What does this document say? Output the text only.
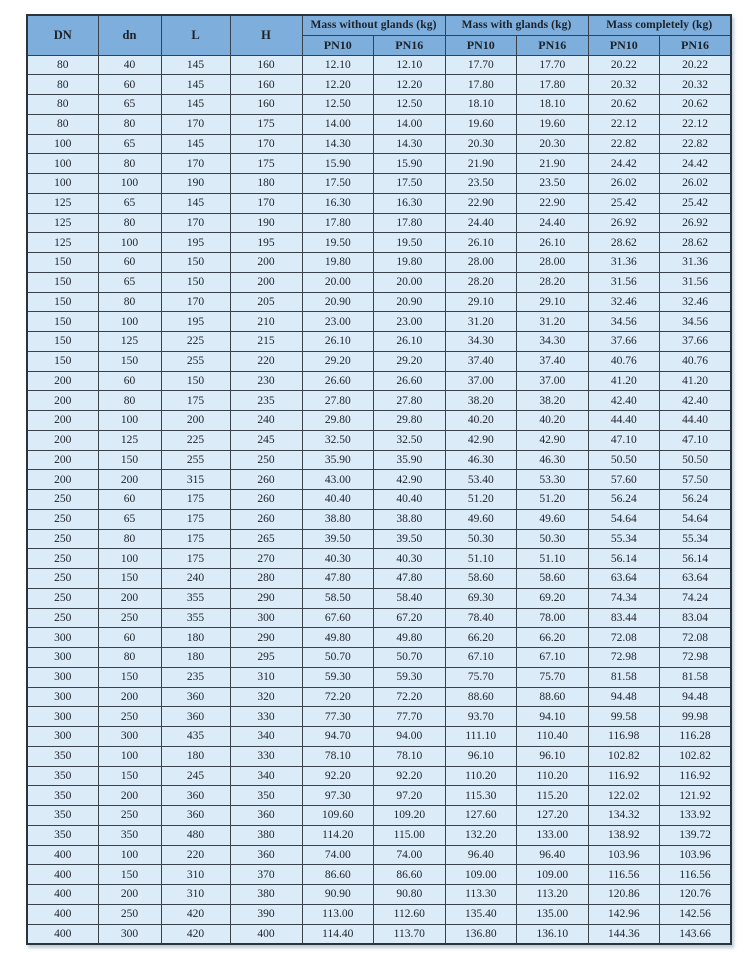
DN	dn	L	H	Mass without glands (kg)		Mass with glands (kg)		Mass completely (kg)	
				PN10	PN16	PN10	PN16	PN10	PN16
80	40	145	160	12.10	12.10	17.70	17.70	20.22	20.22
80	60	145	160	12.20	12.20	17.80	17.80	20.32	20.32
80	65	145	160	12.50	12.50	18.10	18.10	20.62	20.62
80	80	170	175	14.00	14.00	19.60	19.60	22.12	22.12
100	65	145	170	14.30	14.30	20.30	20.30	22.82	22.82
100	80	170	175	15.90	15.90	21.90	21.90	24.42	24.42
100	100	190	180	17.50	17.50	23.50	23.50	26.02	26.02
125	65	145	170	16.30	16.30	22.90	22.90	25.42	25.42
125	80	170	190	17.80	17.80	24.40	24.40	26.92	26.92
125	100	195	195	19.50	19.50	26.10	26.10	28.62	28.62
150	60	150	200	19.80	19.80	28.00	28.00	31.36	31.36
150	65	150	200	20.00	20.00	28.20	28.20	31.56	31.56
150	80	170	205	20.90	20.90	29.10	29.10	32.46	32.46
150	100	195	210	23.00	23.00	31.20	31.20	34.56	34.56
150	125	225	215	26.10	26.10	34.30	34.30	37.66	37.66
150	150	255	220	29.20	29.20	37.40	37.40	40.76	40.76
200	60	150	230	26.60	26.60	37.00	37.00	41.20	41.20
200	80	175	235	27.80	27.80	38.20	38.20	42.40	42.40
200	100	200	240	29.80	29.80	40.20	40.20	44.40	44.40
200	125	225	245	32.50	32.50	42.90	42.90	47.10	47.10
200	150	255	250	35.90	35.90	46.30	46.30	50.50	50.50
200	200	315	260	43.00	42.90	53.40	53.30	57.60	57.50
250	60	175	260	40.40	40.40	51.20	51.20	56.24	56.24
250	65	175	260	38.80	38.80	49.60	49.60	54.64	54.64
250	80	175	265	39.50	39.50	50.30	50.30	55.34	55.34
250	100	175	270	40.30	40.30	51.10	51.10	56.14	56.14
250	150	240	280	47.80	47.80	58.60	58.60	63.64	63.64
250	200	355	290	58.50	58.40	69.30	69.20	74.34	74.24
250	250	355	300	67.60	67.20	78.40	78.00	83.44	83.04
300	60	180	290	49.80	49.80	66.20	66.20	72.08	72.08
300	80	180	295	50.70	50.70	67.10	67.10	72.98	72.98
300	150	235	310	59.30	59.30	75.70	75.70	81.58	81.58
300	200	360	320	72.20	72.20	88.60	88.60	94.48	94.48
300	250	360	330	77.30	77.70	93.70	94.10	99.58	99.98
300	300	435	340	94.70	94.00	111.10	110.40	116.98	116.28
350	100	180	330	78.10	78.10	96.10	96.10	102.82	102.82
350	150	245	340	92.20	92.20	110.20	110.20	116.92	116.92
350	200	360	350	97.30	97.20	115.30	115.20	122.02	121.92
350	250	360	360	109.60	109.20	127.60	127.20	134.32	133.92
350	350	480	380	114.20	115.00	132.20	133.00	138.92	139.72
400	100	220	360	74.00	74.00	96.40	96.40	103.96	103.96
400	150	310	370	86.60	86.60	109.00	109.00	116.56	116.56
400	200	310	380	90.90	90.80	113.30	113.20	120.86	120.76
400	250	420	390	113.00	112.60	135.40	135.00	142.96	142.56
400	300	420	400	114.40	113.70	136.80	136.10	144.36	143.66
